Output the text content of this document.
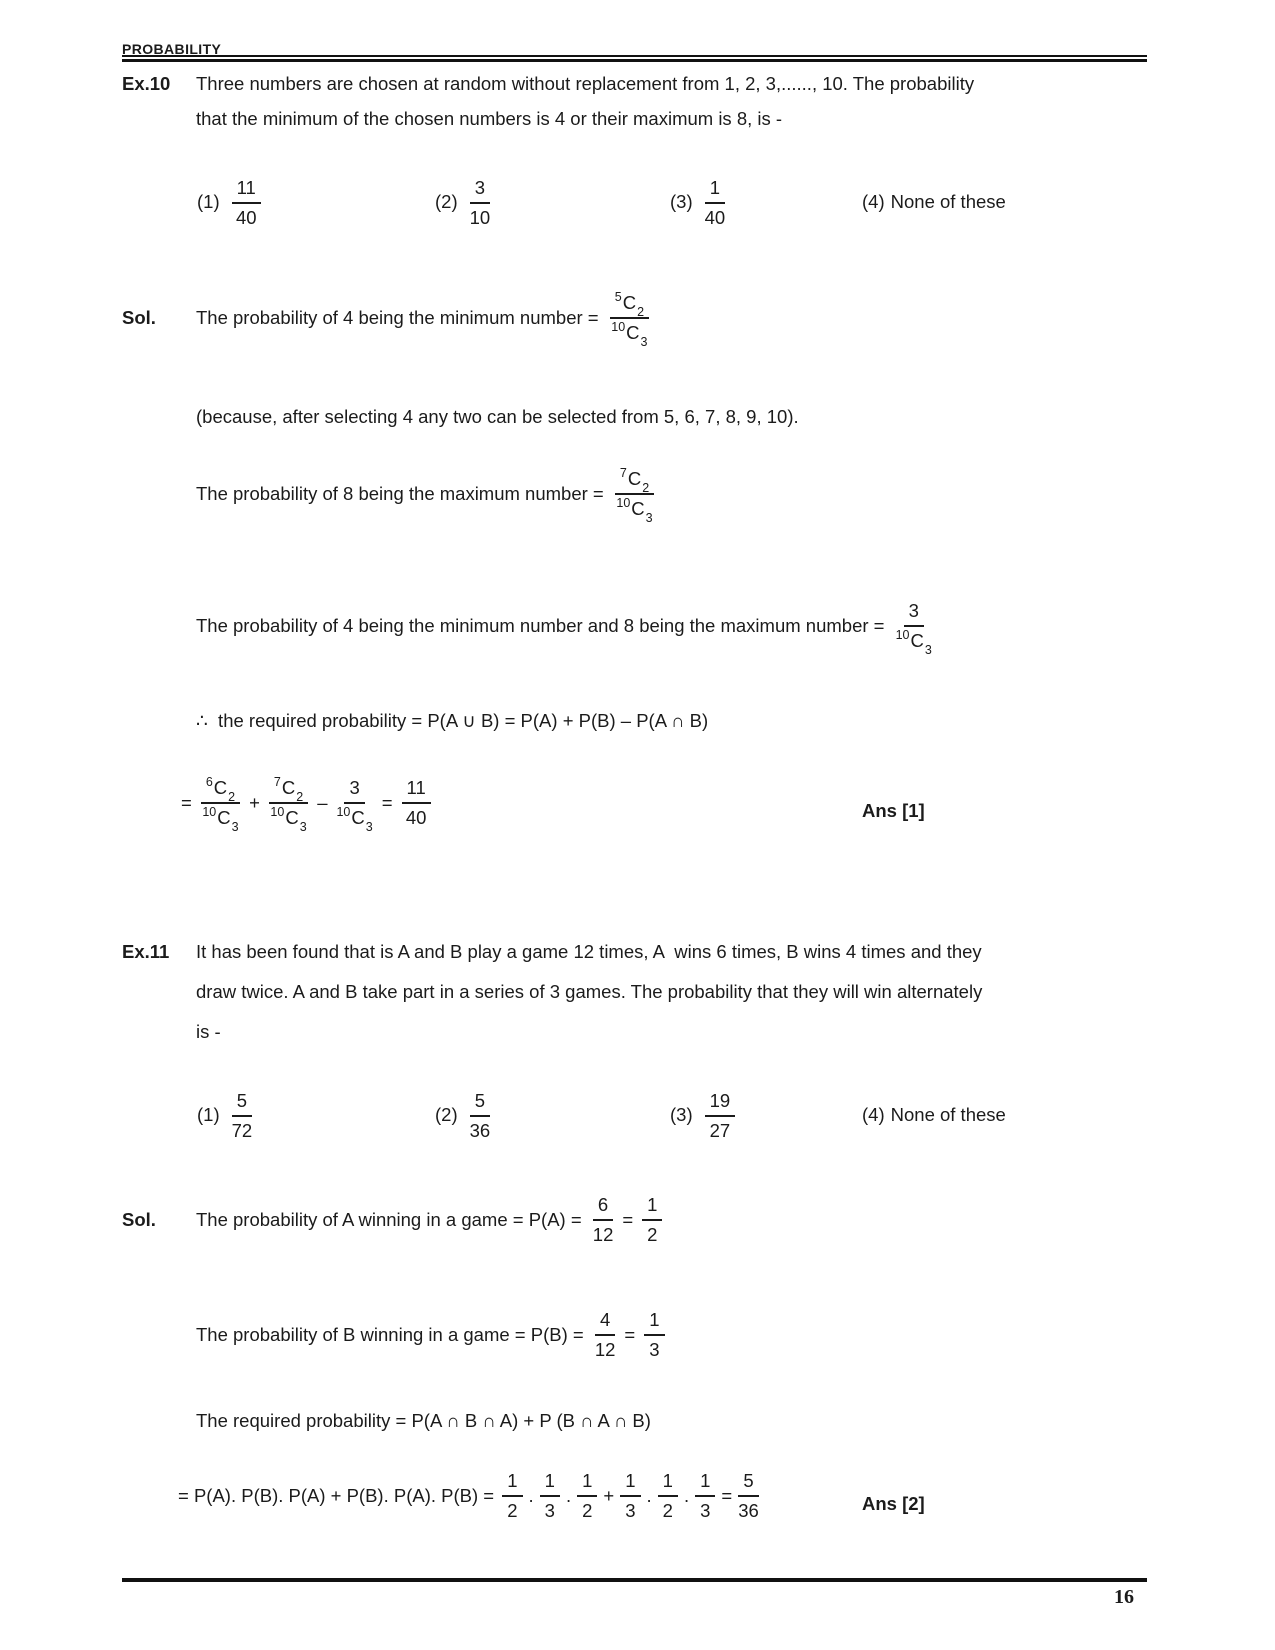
PROBABILITY
Ex.10	Three numbers are chosen at random without replacement from 1, 2, 3,......, 10. The probability
that the minimum of the chosen numbers is 4 or their maximum is 8, is -
$(1) \frac{11}{40}$	$(2) \frac{3}{10}$	$(3) \frac{1}{40}$	(4) None of these
Sol.	The probability of 4 being the minimum number = $\frac{^5C_2}{^{10}C_3}$
(because, after selecting 4 any two can be selected from 5, 6, 7, 8, 9, 10).
The probability of 8 being the maximum number = $\frac{^7C_2}{^{10}C_3}$
The probability of 4 being the minimum number and 8 being the maximum number = $\frac{3}{^{10}C_3}$
∴  the required probability = P(A ∪ B) = P(A) + P(B) – P(A ∩ B)
= $\frac{^6C_2}{^{10}C_3} + \frac{^7C_2}{^{10}C_3} - \frac{3}{^{10}C_3} = \frac{11}{40}$	Ans [1]
Ex.11	It has been found that is A and B play a game 12 times, A  wins 6 times, B wins 4 times and they
draw twice. A and B take part in a series of 3 games. The probability that they will win alternately
is -
$(1) \frac{5}{72}$	$(2) \frac{5}{36}$	$(3) \frac{19}{27}$	(4) None of these
Sol.	The probability of A winning in a game = $P(A) = \frac{6}{12} = \frac{1}{2}$
The probability of B winning in a game = $P(B) = \frac{4}{12} = \frac{1}{3}$
The required probability = P(A ∩ B ∩ A) + P (B ∩ A ∩ B)
= P(A). P(B). P(A) + P(B). P(A). $P(B) = \frac{1}{2}$ . $\frac{1}{3}$ . $\frac{1}{2} + \frac{1}{3}$ . $\frac{1}{2}$ . $\frac{1}{3} = \frac{5}{36}$	Ans [2]
16
